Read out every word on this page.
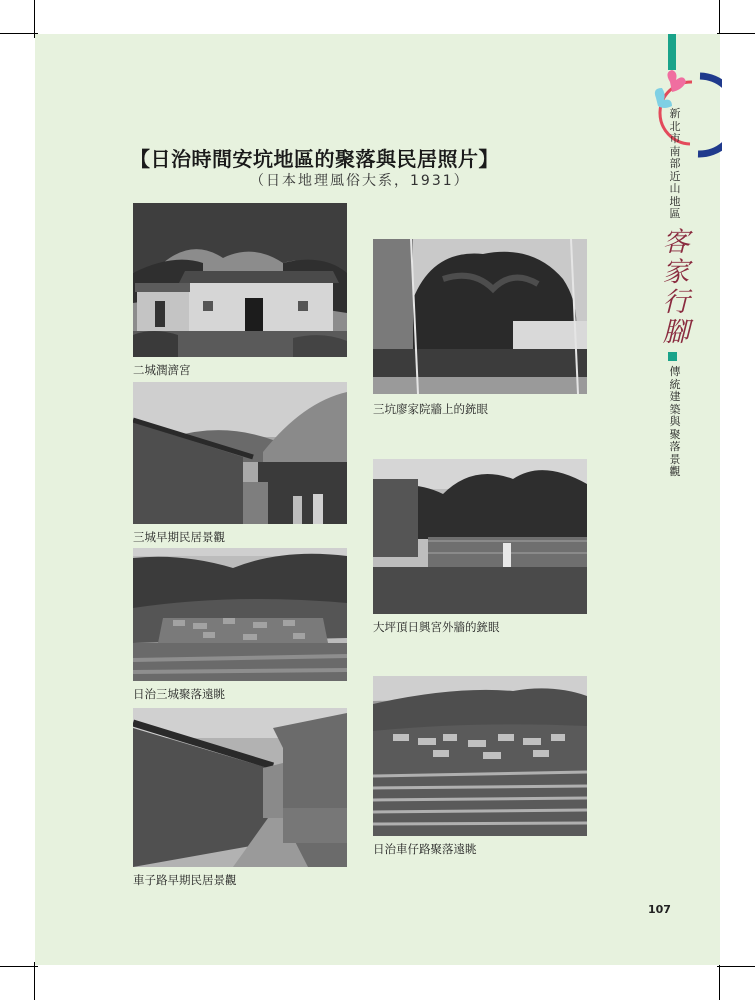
【日治時間安坑地區的聚落與民居照片】
（日本地理風俗大系，1931）
二城潤濟宮
三坑廖家院牆上的銃眼
三城早期民居景觀
大坪頂日興宮外牆的銃眼
日治三城聚落遠眺
日治車仔路聚落遠眺
車子路早期民居景觀
新北市南部近山地區
客家行腳
傳統建築與聚落景觀
107
